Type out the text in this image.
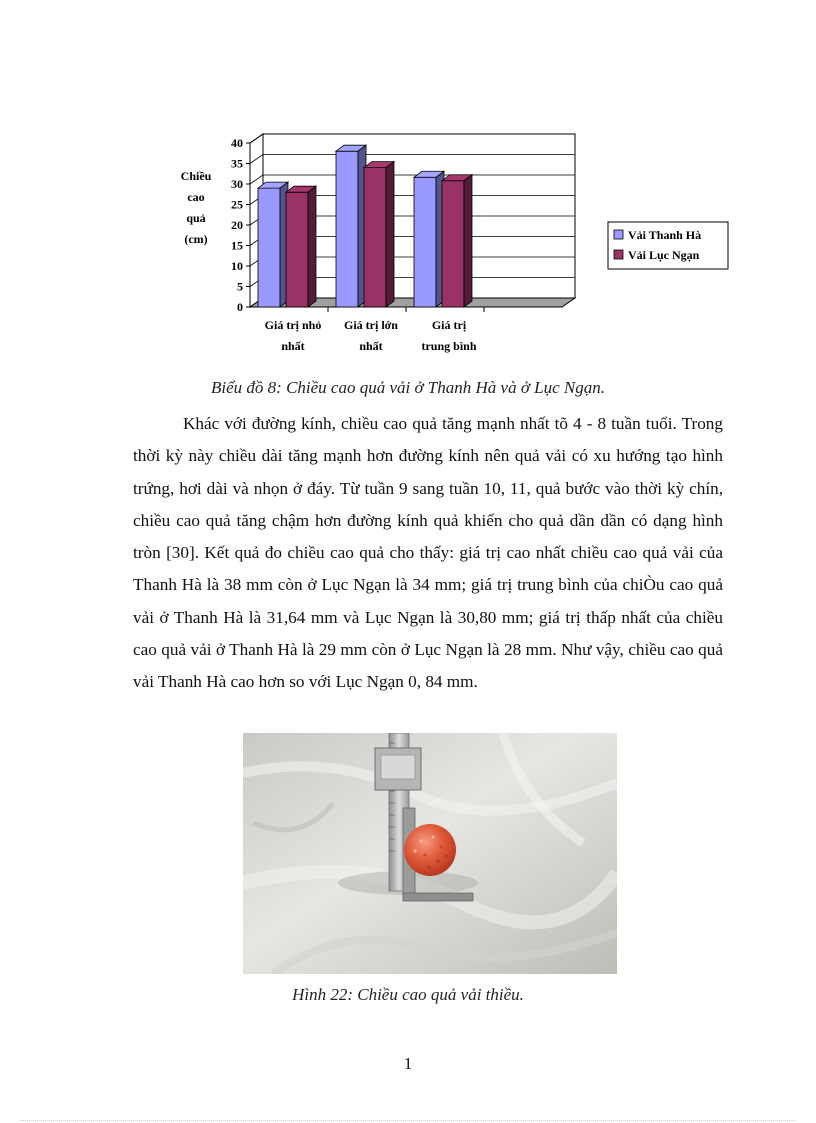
0
5
10
15
20
25
30
35
40
Giá trị nhỏ
nhất
Giá trị lớn
nhất
Giá trị
trung bình
Chiều
cao
quả
(cm)	Vải Thanh Hà
Vải Lục Ngạn
Biểu đồ 8: Chiều cao quả vải ở Thanh Hà và ở Lục Ngạn.

Khác với đường kính, chiều cao quả tăng mạnh nhất tõ 4 - 8 tuần tuổi. Trong thời kỳ này chiều dài tăng mạnh hơn đường kính nên quả vải có xu hướng tạo hình trứng, hơi dài và nhọn ở đáy. Từ tuần 9 sang tuần 10, 11, quả bước vào thời kỳ chín, chiều cao quả tăng chậm hơn đường kính quả khiến cho quả dần dần có dạng hình tròn [30]. Kết quả đo chiều cao quả cho thấy: giá trị cao nhất chiều cao quả vải của Thanh Hà là 38 mm còn ở Lục Ngạn là 34 mm; giá trị trung bình của chiÒu cao quả vải ở Thanh Hà là 31,64 mm và Lục Ngạn là 30,80 mm; giá trị thấp nhất của chiều cao quả vải ở Thanh Hà là 29 mm còn ở Lục Ngạn là 28 mm. Như vậy, chiều cao quả vải Thanh Hà cao hơn so với Lục Ngạn 0, 84 mm.

Hình 22: Chiều cao quả vải thiều.
1
